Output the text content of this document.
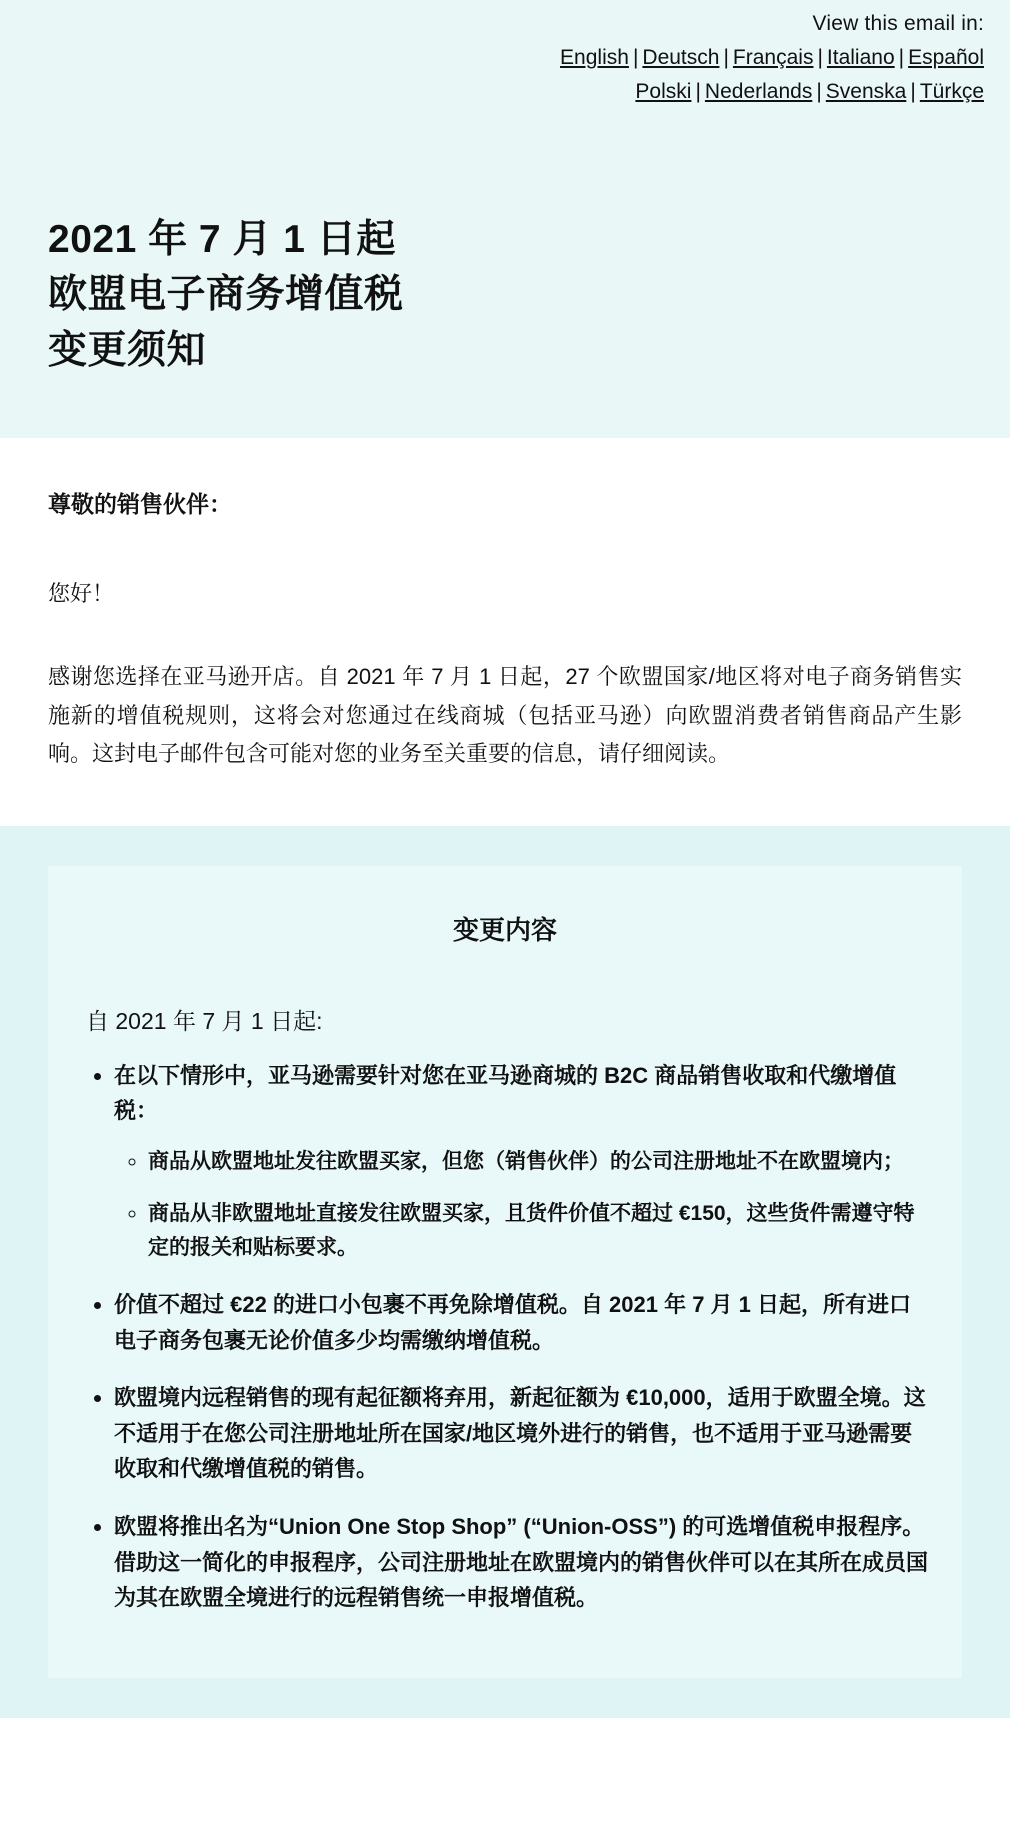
View this email in:
English | Deutsch | Français | Italiano | Español
Polski | Nederlands | Svenska | Türkçe
2021 年 7 月 1 日起
欧盟电子商务增值税
变更须知

尊敬的销售伙伴：

您好！

感谢您选择在亚马逊开店。自 2021 年 7 月 1 日起，27 个欧盟国家/地区将对电子商务销售实施新的增值税规则，这将会对您通过在线商城（包括亚马逊）向欧盟消费者销售商品产生影响。这封电子邮件包含可能对您的业务至关重要的信息，请仔细阅读。

变更内容

自 2021 年 7 月 1 日起:

• 在以下情形中，亚马逊需要针对您在亚马逊商城的 B2C 商品销售收取和代缴增值税：
◦ 商品从欧盟地址发往欧盟买家，但您（销售伙伴）的公司注册地址不在欧盟境内；
◦ 商品从非欧盟地址直接发往欧盟买家，且货件价值不超过 €150，这些货件需遵守特定的报关和贴标要求。
• 价值不超过 €22 的进口小包裹不再免除增值税。自 2021 年 7 月 1 日起，所有进口电子商务包裹无论价值多少均需缴纳增值税。
• 欧盟境内远程销售的现有起征额将弃用，新起征额为 €10,000，适用于欧盟全境。这不适用于在您公司注册地址所在国家/地区境外进行的销售，也不适用于亚马逊需要收取和代缴增值税的销售。
• 欧盟将推出名为“Union One Stop Shop” (“Union-OSS”) 的可选增值税申报程序。借助这一简化的申报程序，公司注册地址在欧盟境内的销售伙伴可以在其所在成员国为其在欧盟全境进行的远程销售统一申报增值税。
